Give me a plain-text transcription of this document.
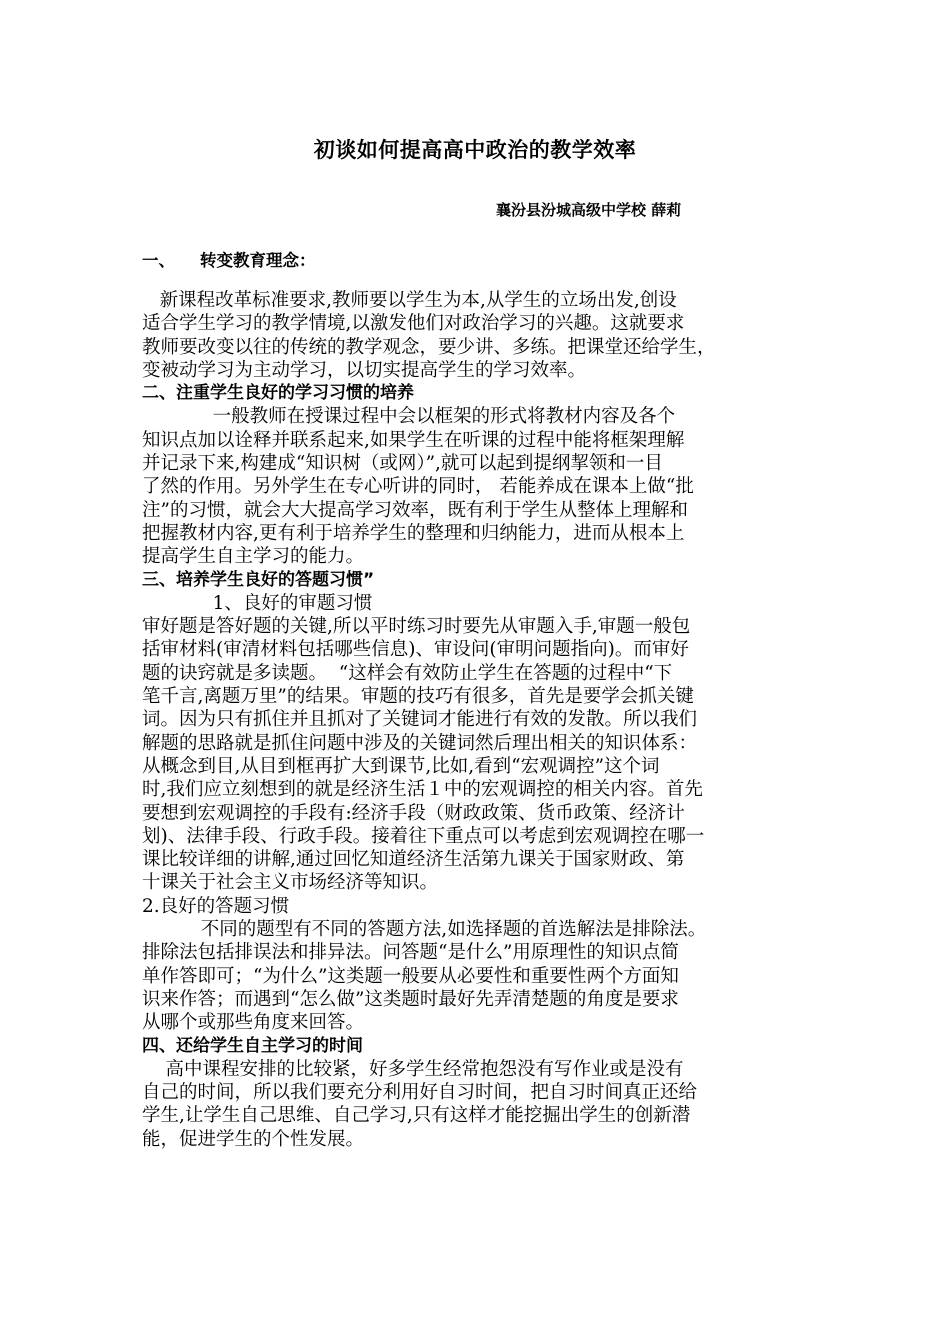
初谈如何提高高中政治的教学效率

襄汾县汾城高级中学校 薛莉

一、 转变教育理念：

新课程改革标准要求,教师要以学生为本,从学生的立场出发,创设
适合学生学习的教学情境,以激发他们对政治学习的兴趣。这就要求
教师要改变以往的传统的教学观念，要少讲、多练。把课堂还给学生，
变被动学习为主动学习，以切实提高学生的学习效率。
二、注重学生良好的学习习惯的培养
一般教师在授课过程中会以框架的形式将教材内容及各个
知识点加以诠释并联系起来,如果学生在听课的过程中能将框架理解
并记录下来,构建成“知识树（或网）”,就可以起到提纲挈领和一目
了然的作用。另外学生在专心听讲的同时， 若能养成在课本上做“批
注”的习惯，就会大大提高学习效率，既有利于学生从整体上理解和
把握教材内容,更有利于培养学生的整理和归纳能力，进而从根本上
提高学生自主学习的能力。
三、培养学生良好的答题习惯”
1、良好的审题习惯
审好题是答好题的关键,所以平时练习时要先从审题入手,审题一般包
括审材料(审清材料包括哪些信息)、审设问(审明问题指向)。而审好
题的诀窍就是多读题。  “这样会有效防止学生在答题的过程中“下
笔千言,离题万里”的结果。审题的技巧有很多，首先是要学会抓关键
词。因为只有抓住并且抓对了关键词才能进行有效的发散。所以我们
解题的思路就是抓住问题中涉及的关键词然后理出相关的知识体系：
从概念到目,从目到框再扩大到课节,比如,看到“宏观调控”这个词
时,我们应立刻想到的就是经济生活１中的宏观调控的相关内容。首先
要想到宏观调控的手段有:经济手段（财政政策、货币政策、经济计
划)、法律手段、行政手段。接着往下重点可以考虑到宏观调控在哪一
课比较详细的讲解,通过回忆知道经济生活第九课关于国家财政、第
十课关于社会主义市场经济等知识。
2.良好的答题习惯
不同的题型有不同的答题方法,如选择题的首选解法是排除法。
排除法包括排误法和排异法。问答题“是什么”用原理性的知识点简
单作答即可；“为什么”这类题一般要从必要性和重要性两个方面知
识来作答；而遇到“怎么做”这类题时最好先弄清楚题的角度是要求
从哪个或那些角度来回答。
四、还给学生自主学习的时间
高中课程安排的比较紧，好多学生经常抱怨没有写作业或是没有
自己的时间，所以我们要充分利用好自习时间，把自习时间真正还给
学生,让学生自己思维、自己学习,只有这样才能挖掘出学生的创新潜
能，促进学生的个性发展。
